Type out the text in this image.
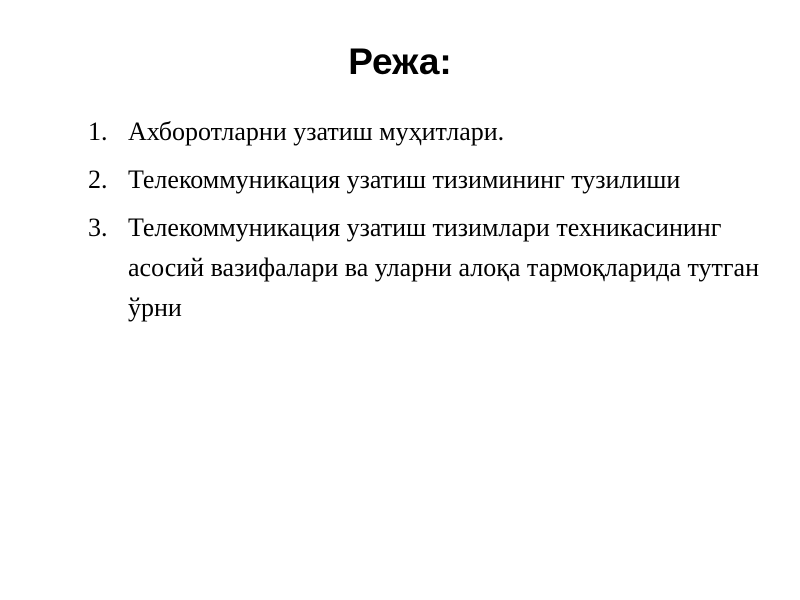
Режа:
1. Ахборотларни узатиш муҳитлари.
2. Телекоммуникация узатиш тизимининг тузилиши
3. Телекоммуникация узатиш тизимлари техникасининг асосий вазифалари ва уларни алоқа тармоқларида тутган ўрни
